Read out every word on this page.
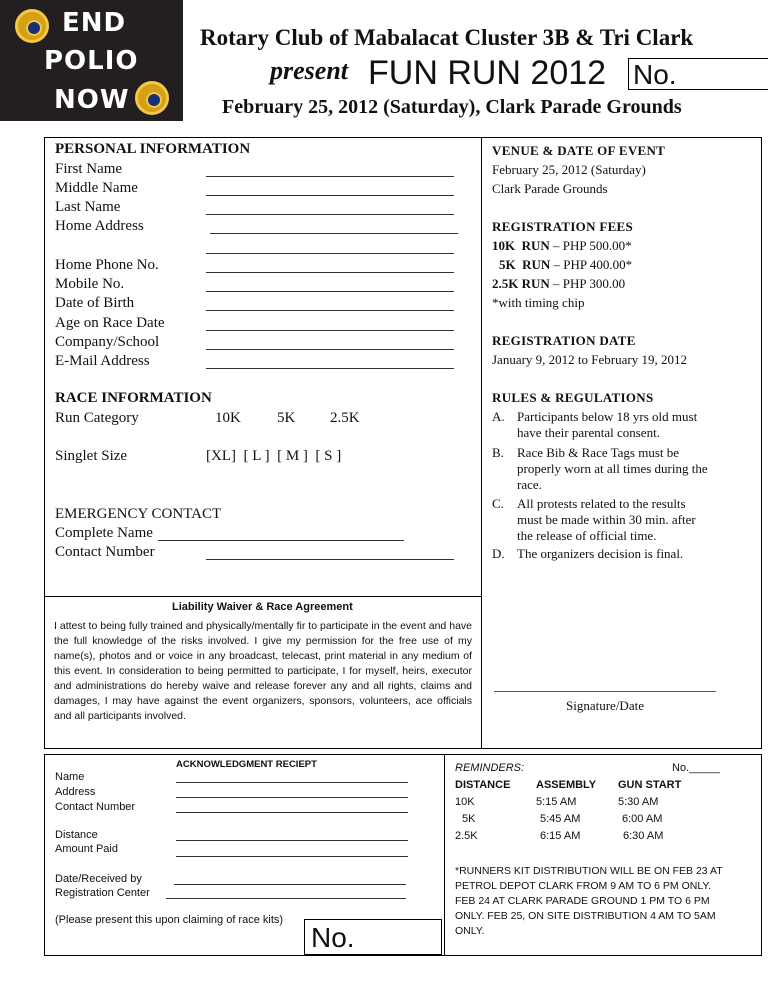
END
POLIO
NOW
Rotary Club of Mabalacat Cluster 3B & Tri Clark
present FUN RUN 2012 No.
February 25, 2012 (Saturday), Clark Parade Grounds
PERSONAL INFORMATION
First Name
Middle Name
Last Name
Home Address
Home Phone No.
Mobile No.
Date of Birth
Age on Race Date
Company/School
E-Mail Address
RACE INFORMATION
Run Category	10K 5K 2.5K
Singlet Size	[XL]  [ L ]  [ M ]  [ S ]
EMERGENCY CONTACT
Complete Name
Contact Number
VENUE & DATE OF EVENT
February 25, 2012 (Saturday)
Clark Parade Grounds
REGISTRATION FEES
10K  RUN – PHP 500.00*
5K  RUN – PHP 400.00*
2.5K RUN – PHP 300.00
*with timing chip
REGISTRATION DATE
January 9, 2012 to February 19, 2012
RULES & REGULATIONS
A. Participants below 18 yrs old must have their parental consent.
B. Race Bib & Race Tags must be properly worn at all times during the race.
C. All protests related to the results must be made within 30 min. after the release of official time.
D. The organizers decision is final.
Liability Waiver & Race Agreement
I attest to being fully trained and physically/mentally fir to participate in the event and have the full knowledge of the risks involved. I give my permission for the free use of my name(s), photos and or voice in any broadcast, telecast, print material in any medium of this event. In consideration to being permitted to participate, I for myself, heirs, executor and administrations do hereby waive and release forever any and all rights, claims and damages, I may have against the event organizers, sponsors, volunteers, ace officials and all participants involved.
Signature/Date
ACKNOWLEDGMENT RECIEPT
Name
Address
Contact Number
Distance
Amount Paid
Date/Received by
Registration Center
(Please present this upon claiming of race kits)
No.
REMINDERS:	No._____
DISTANCE ASSEMBLY GUN START
10K	5:15 AM	5:30 AM
5K	5:45 AM	6:00 AM
2.5K	6:15 AM	6:30 AM
*RUNNERS KIT DISTRIBUTION WILL BE ON FEB 23 AT PETROL DEPOT CLARK FROM 9 AM TO 6 PM ONLY. FEB 24 AT CLARK PARADE GROUND 1 PM TO 6 PM ONLY. FEB 25, ON SITE DISTRIBUTION 4 AM TO 5AM ONLY.
